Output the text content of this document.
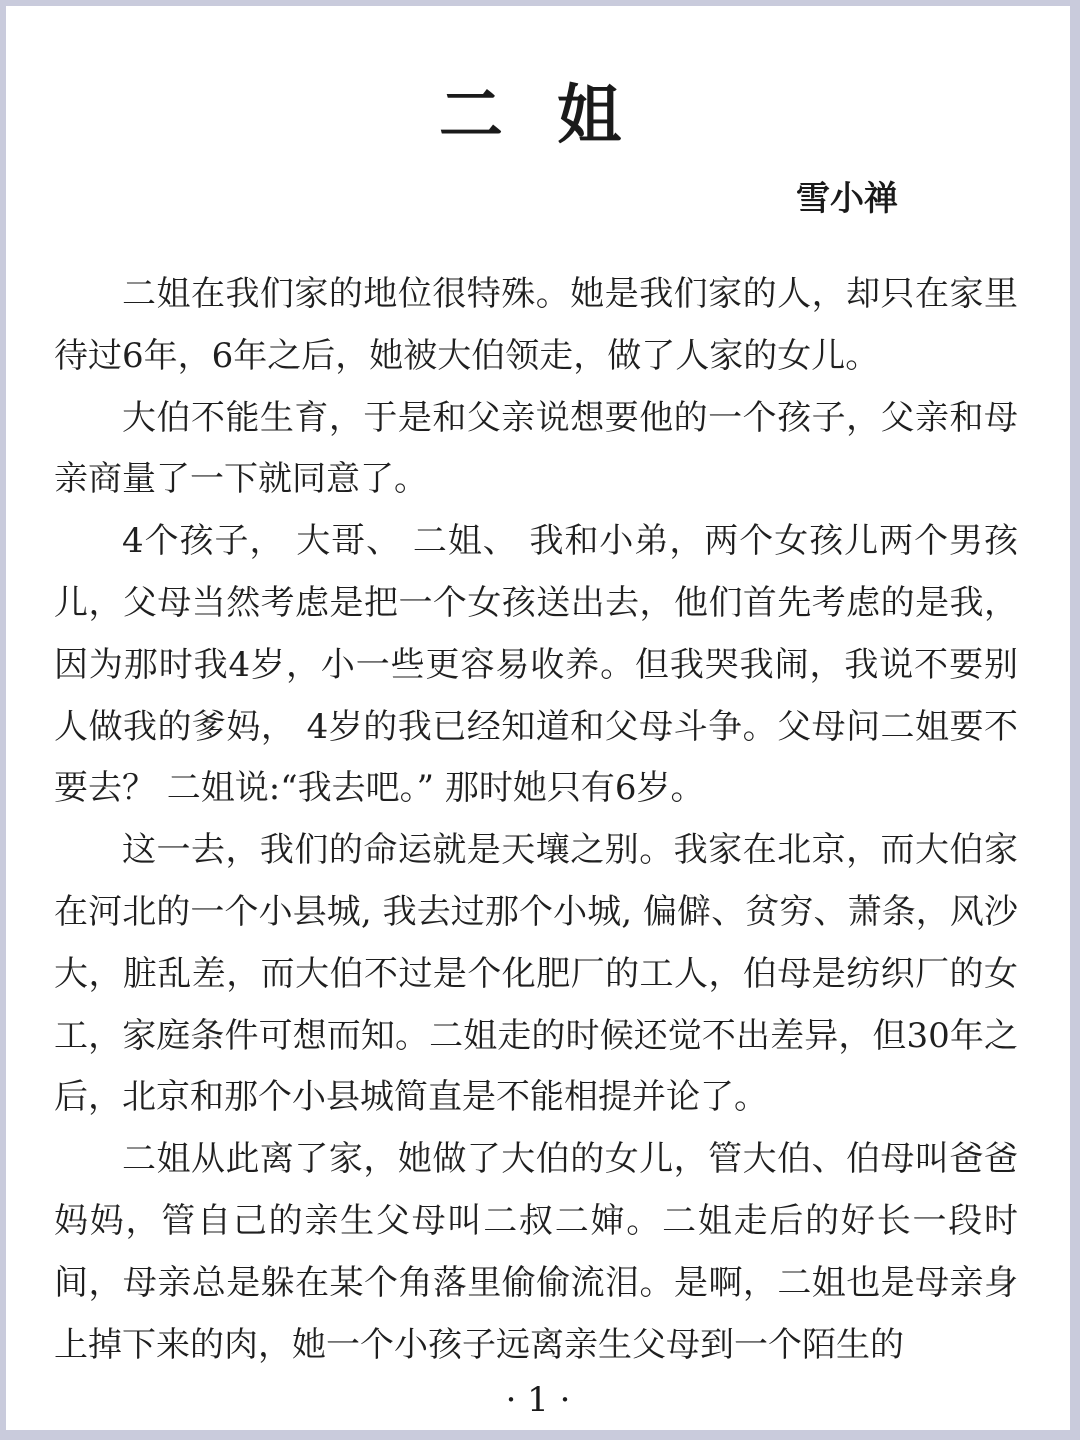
二 姐
雪小禅

二姐在我们家的地位很特殊。她是我们家的人，却只在家里待过6年，6年之后，她被大伯领走，做了人家的女儿。

大伯不能生育，于是和父亲说想要他的一个孩子，父亲和母亲商量了一下就同意了。

4个孩子， 大哥、 二姐、 我和小弟，两个女孩儿两个男孩儿，父母当然考虑是把一个女孩送出去，他们首先考虑的是我， 因为那时我4岁，小一些更容易收养。但我哭我闹，我说不要别人做我的爹妈， 4岁的我已经知道和父母斗争。父母问二姐要不要去？ 二姐说:“我去吧。” 那时她只有6岁。

这一去，我们的命运就是天壤之别。我家在北京，而大伯家在河北的一个小县城, 我去过那个小城, 偏僻、贫穷、萧条，风沙大，脏乱差，而大伯不过是个化肥厂的工人，伯母是纺织厂的女工，家庭条件可想而知。二姐走的时候还觉不出差异，但30年之后，北京和那个小县城简直是不能相提并论了。

二姐从此离了家，她做了大伯的女儿，管大伯、伯母叫爸爸妈妈，管自己的亲生父母叫二叔二婶。二姐走后的好长一段时间，母亲总是躲在某个角落里偷偷流泪。是啊，二姐也是母亲身上掉下来的肉，她一个小孩子远离亲生父母到一个陌生的

· 1 ·
